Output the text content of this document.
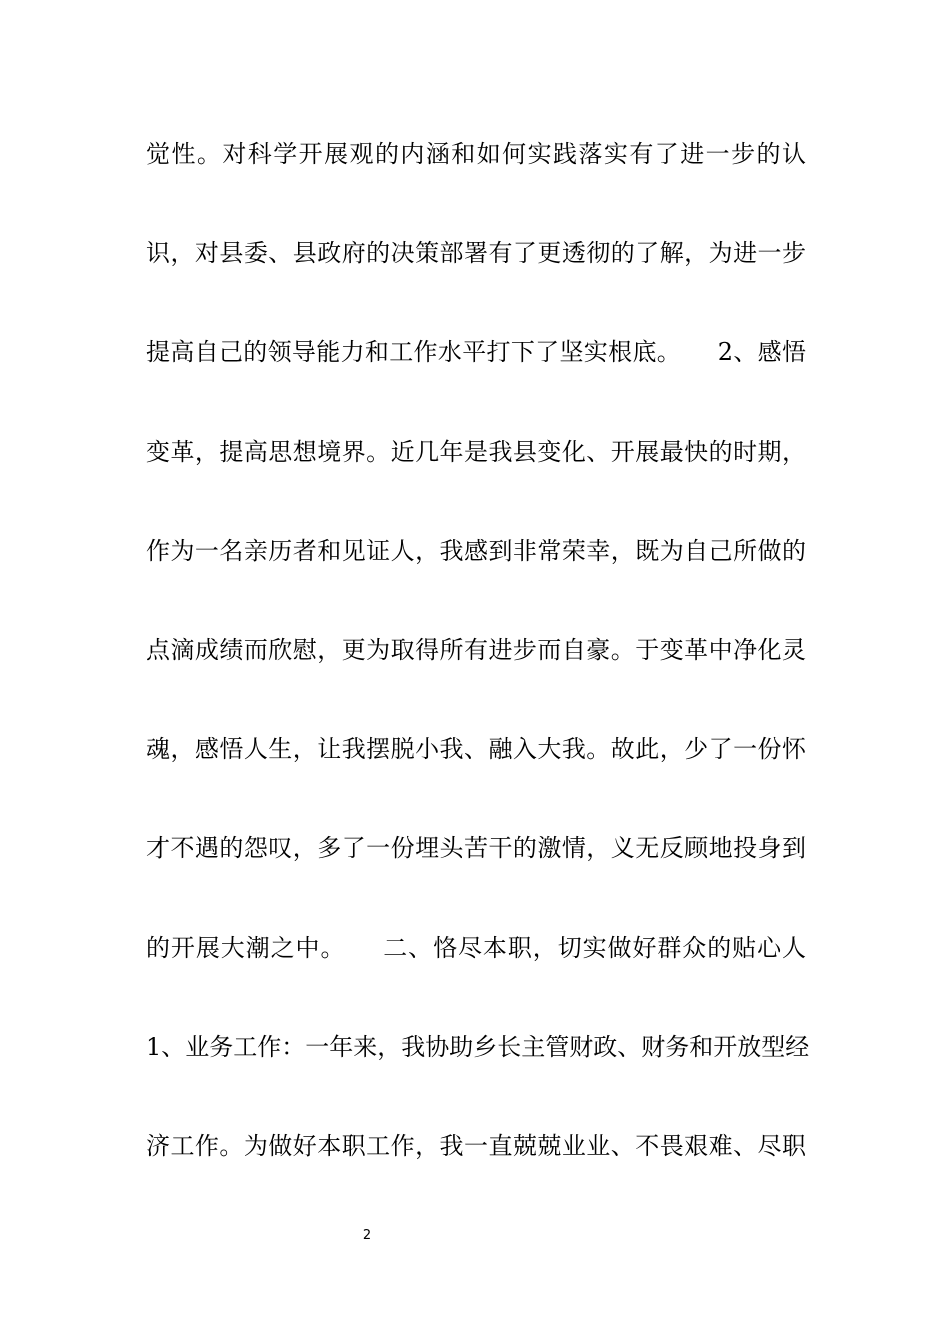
觉性。对科学开展观的内涵和如何实践落实有了进一步的认
识，对县委、县政府的决策部署有了更透彻的了解，为进一步
提高自己的领导能力和工作水平打下了坚实根底。　　2、感悟
变革，提高思想境界。近几年是我县变化、开展最快的时期，
作为一名亲历者和见证人，我感到非常荣幸，既为自己所做的
点滴成绩而欣慰，更为取得所有进步而自豪。于变革中净化灵
魂，感悟人生，让我摆脱小我、融入大我。故此，少了一份怀
才不遇的怨叹，多了一份埋头苦干的激情，义无反顾地投身到
的开展大潮之中。　　二、恪尽本职，切实做好群众的贴心人
1、业务工作：一年来，我协助乡长主管财政、财务和开放型经
济工作。为做好本职工作，我一直兢兢业业、不畏艰难、尽职
2
